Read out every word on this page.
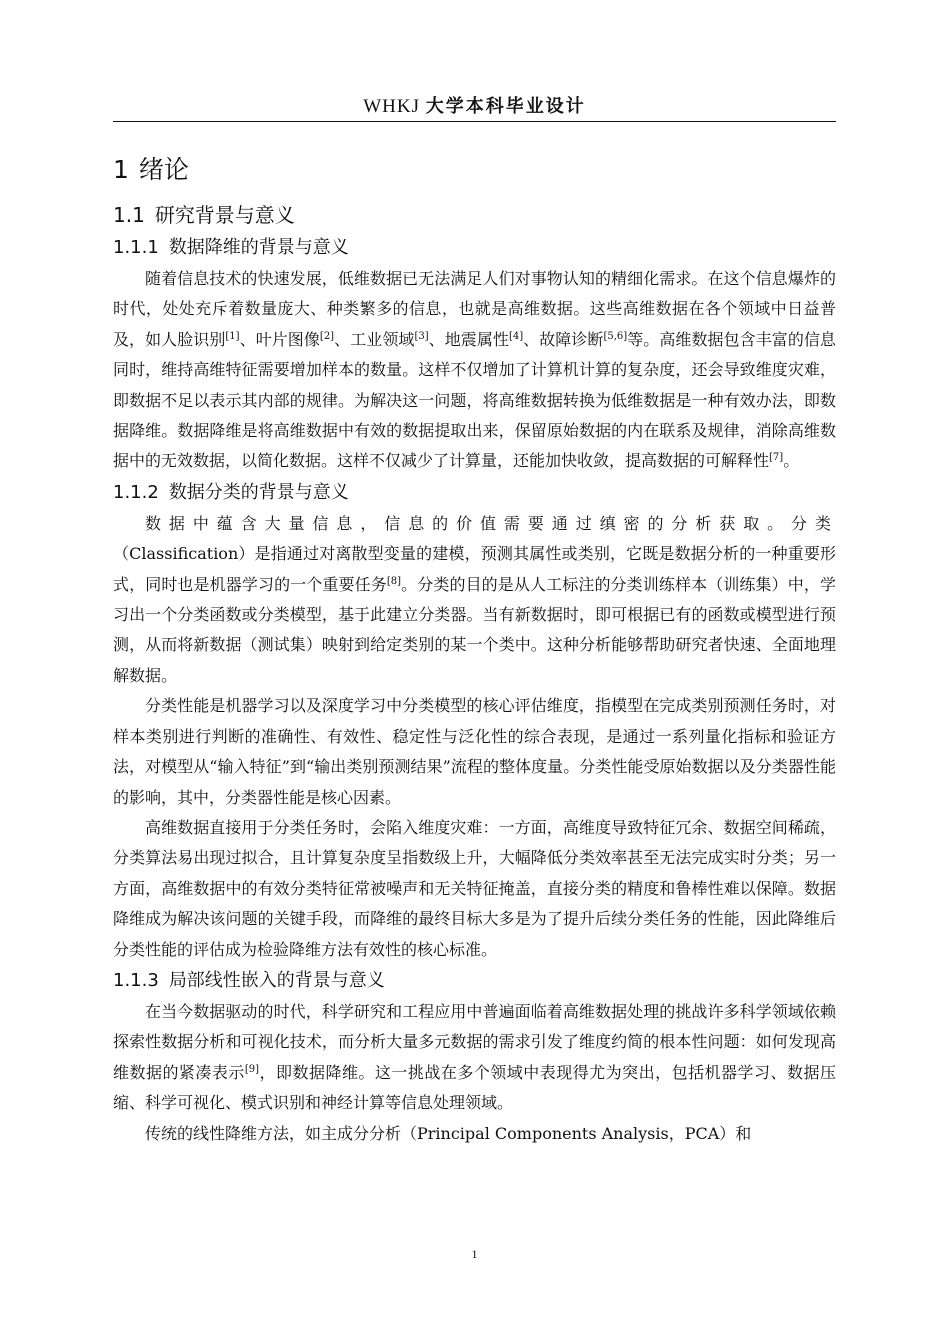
WHKJ 大学本科毕业设计
1 绪论
1.1 研究背景与意义
1.1.1 数据降维的背景与意义

随着信息技术的快速发展，低维数据已无法满足人们对事物认知的精细化需求。在这个信息爆炸的时代，处处充斥着数量庞大、种类繁多的信息，也就是高维数据。这些高维数据在各个领域中日益普及，如人脸识别[1]、叶片图像[2]、工业领域[3]、地震属性[4]、故障诊断[5,6]等。高维数据包含丰富的信息同时，维持高维特征需要增加样本的数量。这样不仅增加了计算机计算的复杂度，还会导致维度灾难，即数据不足以表示其内部的规律。为解决这一问题，将高维数据转换为低维数据是一种有效办法，即数据降维。数据降维是将高维数据中有效的数据提取出来，保留原始数据的内在联系及规律，消除高维数据中的无效数据，以简化数据。这样不仅减少了计算量，还能加快收敛，提高数据的可解释性[7]。

1.1.2 数据分类的背景与意义

数据中蕴含大量信息，信息的价值需要通过缜密的分析获取。分类（Classification）是指通过对离散型变量的建模，预测其属性或类别，它既是数据分析的一种重要形式，同时也是机器学习的一个重要任务[8]。分类的目的是从人工标注的分类训练样本（训练集）中，学习出一个分类函数或分类模型，基于此建立分类器。当有新数据时，即可根据已有的函数或模型进行预测，从而将新数据（测试集）映射到给定类别的某一个类中。这种分析能够帮助研究者快速、全面地理解数据。

分类性能是机器学习以及深度学习中分类模型的核心评估维度，指模型在完成类别预测任务时，对样本类别进行判断的准确性、有效性、稳定性与泛化性的综合表现，是通过一系列量化指标和验证方法，对模型从“输入特征”到“输出类别预测结果”流程的整体度量。分类性能受原始数据以及分类器性能的影响，其中，分类器性能是核心因素。

高维数据直接用于分类任务时，会陷入维度灾难：一方面，高维度导致特征冗余、数据空间稀疏，分类算法易出现过拟合，且计算复杂度呈指数级上升，大幅降低分类效率甚至无法完成实时分类；另一方面，高维数据中的有效分类特征常被噪声和无关特征掩盖，直接分类的精度和鲁棒性难以保障。数据降维成为解决该问题的关键手段，而降维的最终目标大多是为了提升后续分类任务的性能，因此降维后分类性能的评估成为检验降维方法有效性的核心标准。

1.1.3 局部线性嵌入的背景与意义

在当今数据驱动的时代，科学研究和工程应用中普遍面临着高维数据处理的挑战许多科学领域依赖探索性数据分析和可视化技术，而分析大量多元数据的需求引发了维度约简的根本性问题：如何发现高维数据的紧凑表示[9]，即数据降维。这一挑战在多个领域中表现得尤为突出，包括机器学习、数据压缩、科学可视化、模式识别和神经计算等信息处理领域。

传统的线性降维方法，如主成分分析（Principal Components Analysis，PCA）和

1
